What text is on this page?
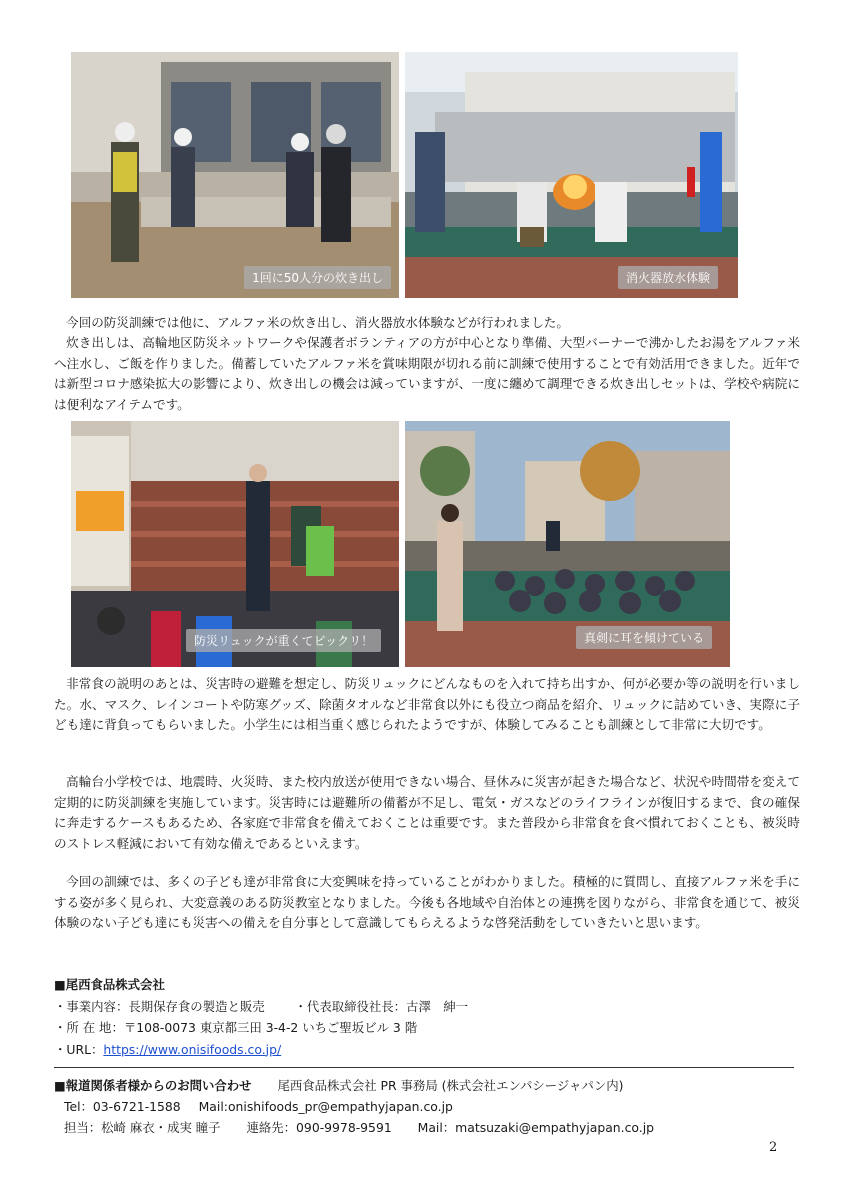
1回に50人分の炊き出し	消火器放水体験

今回の防災訓練では他に、アルファ米の炊き出し、消火器放水体験などが行われました。

炊き出しは、高輪地区防災ネットワークや保護者ボランティアの方が中心となり準備、大型バーナーで沸かしたお湯をアルファ米へ注水し、ご飯を作りました。備蓄していたアルファ米を賞味期限が切れる前に訓練で使用することで有効活用できました。近年では新型コロナ感染拡大の影響により、炊き出しの機会は減っていますが、一度に纏めて調理できる炊き出しセットは、学校や病院には便利なアイテムです。

防災リュックが重くてビックリ！	真剣に耳を傾けている

非常食の説明のあとは、災害時の避難を想定し、防災リュックにどんなものを入れて持ち出すか、何が必要か等の説明を行いました。水、マスク、レインコートや防寒グッズ、除菌タオルなど非常食以外にも役立つ商品を紹介、リュックに詰めていき、実際に子ども達に背負ってもらいました。小学生には相当重く感じられたようですが、体験してみることも訓練として非常に大切です。

高輪台小学校では、地震時、火災時、また校内放送が使用できない場合、昼休みに災害が起きた場合など、状況や時間帯を変えて定期的に防災訓練を実施しています。災害時には避難所の備蓄が不足し、電気・ガスなどのライフラインが復旧するまで、食の確保に奔走するケースもあるため、各家庭で非常食を備えておくことは重要です。また普段から非常食を食べ慣れておくことも、被災時のストレス軽減において有効な備えであるといえます。

今回の訓練では、多くの子ども達が非常食に大変興味を持っていることがわかりました。積極的に質問し、直接アルファ米を手にする姿が多く見られ、大変意義のある防災教室となりました。今後も各地域や自治体との連携を図りながら、非常食を通じて、被災体験のない子ども達にも災害への備えを自分事として意識してもらえるような啓発活動をしていきたいと思います。

■尾西食品株式会社
・事業内容：長期保存食の製造と販売 ・代表取締役社長：古澤　紳一
・所 在 地：〒108-0073 東京都三田 3-4-2 いちご聖坂ビル 3 階
・URL：https://www.onisifoods.co.jp/
■報道関係者様からのお問い合わせ 尾西食品株式会社 PR 事務局 (株式会社エンパシージャパン内)
Tel：03-6721-1588 Mail:onishifoods_pr@empathyjapan.co.jp
担当：松崎 麻衣・成実 瞳子 連絡先：090-9978-9591 Mail：matsuzaki@empathyjapan.co.jp
2
